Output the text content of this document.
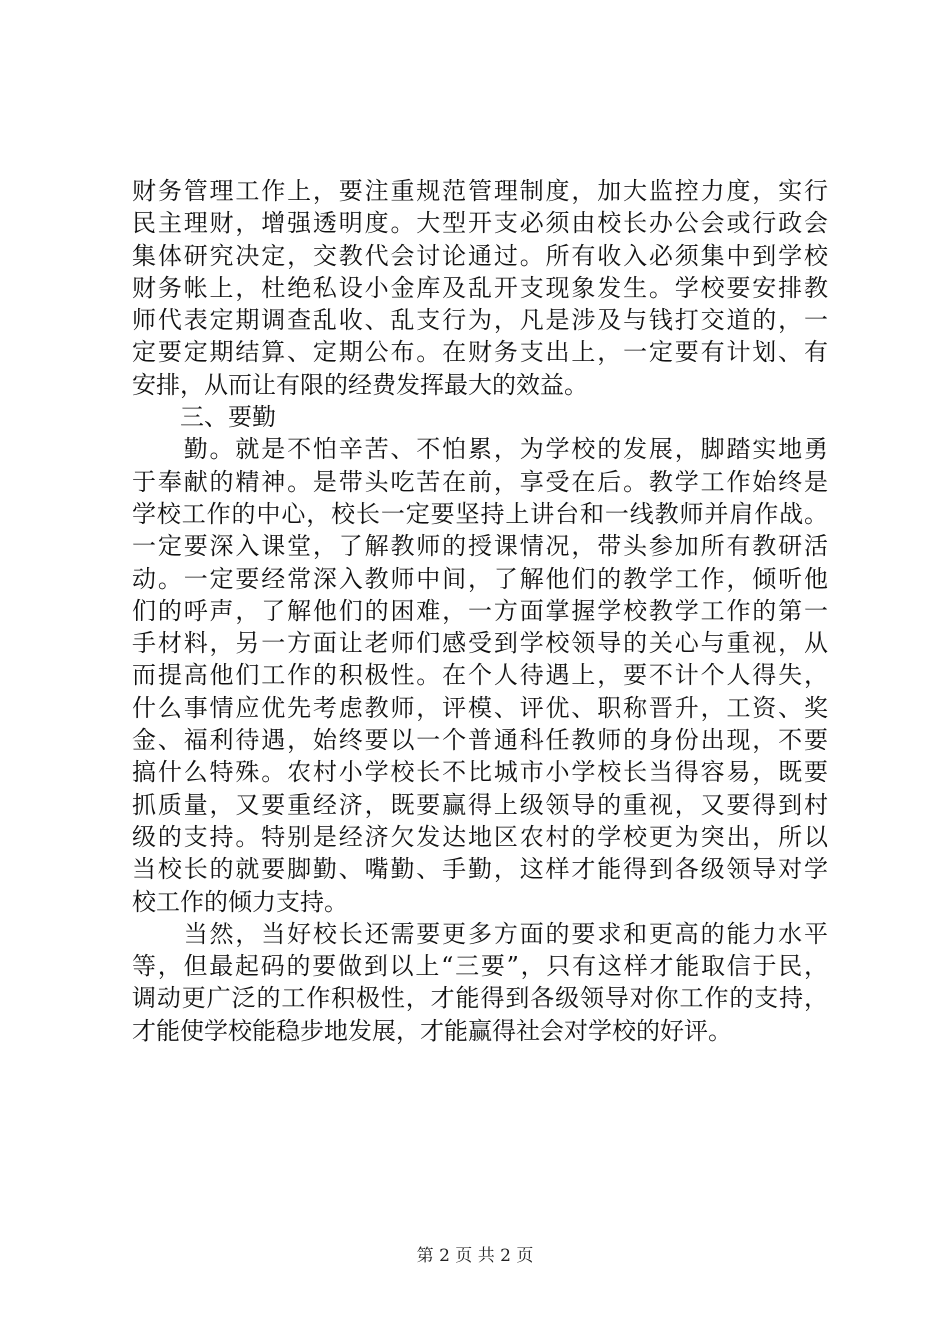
财务管理工作上，要注重规范管理制度，加大监控力度，实行
民主理财，增强透明度。大型开支必须由校长办公会或行政会
集体研究决定，交教代会讨论通过。所有收入必须集中到学校
财务帐上，杜绝私设小金库及乱开支现象发生。学校要安排教
师代表定期调查乱收、乱支行为，凡是涉及与钱打交道的，一
定要定期结算、定期公布。在财务支出上，一定要有计划、有
安排，从而让有限的经费发挥最大的效益。
　　三、要勤
　　勤。就是不怕辛苦、不怕累，为学校的发展，脚踏实地勇
于奉献的精神。是带头吃苦在前，享受在后。教学工作始终是
学校工作的中心，校长一定要坚持上讲台和一线教师并肩作战。
一定要深入课堂，了解教师的授课情况，带头参加所有教研活
动。一定要经常深入教师中间，了解他们的教学工作，倾听他
们的呼声，了解他们的困难，一方面掌握学校教学工作的第一
手材料，另一方面让老师们感受到学校领导的关心与重视，从
而提高他们工作的积极性。在个人待遇上，要不计个人得失，
什么事情应优先考虑教师，评模、评优、职称晋升，工资、奖
金、福利待遇，始终要以一个普通科任教师的身份出现，不要
搞什么特殊。农村小学校长不比城市小学校长当得容易，既要
抓质量，又要重经济，既要赢得上级领导的重视，又要得到村
级的支持。特别是经济欠发达地区农村的学校更为突出，所以
当校长的就要脚勤、嘴勤、手勤，这样才能得到各级领导对学
校工作的倾力支持。
　　当然，当好校长还需要更多方面的要求和更高的能力水平
等，但最起码的要做到以上“三要”，只有这样才能取信于民，
调动更广泛的工作积极性，才能得到各级领导对你工作的支持，
才能使学校能稳步地发展，才能赢得社会对学校的好评。
第 2 页 共 2 页
